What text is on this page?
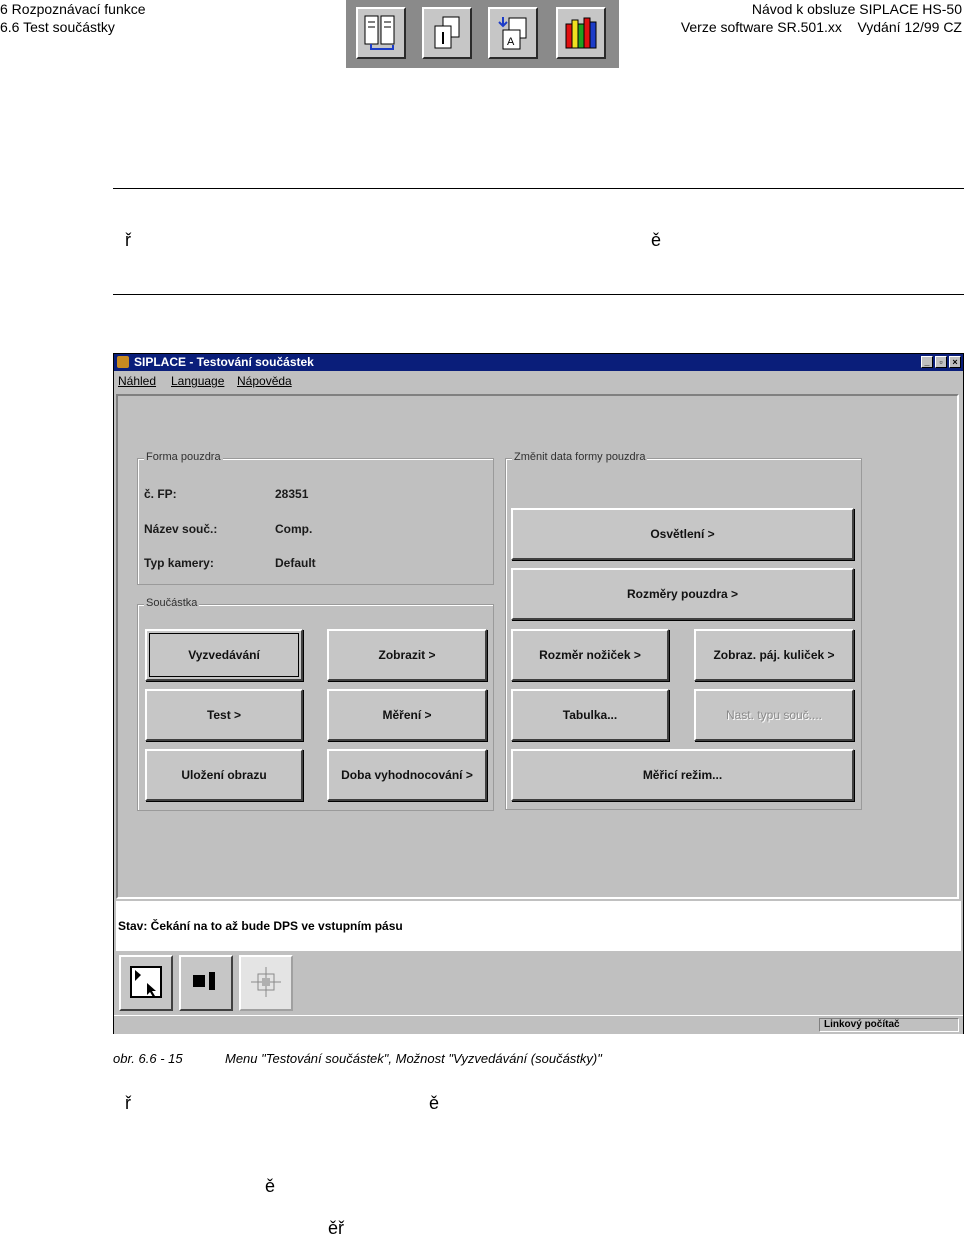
6 Rozpoznávací funkce
6.6 Test součástky
Návod k obsluze SIPLACE HS-50
Verze software SR.501.xx    Vydání 12/99 CZ
A
ř	ě
SIPLACE - Testování součástek	_	▫	×
Náhled Language Nápověda
Forma pouzdra
č. FP:	28351
Název souč.:	Comp.
Typ kamery:	Default
Součástka
Vyzvedávání	Zobrazit >
Test >	Měření >
Uložení obrazu	Doba vyhodnocování >
Změnit data formy pouzdra
Osvětlení >
Rozměry pouzdra >
Rozměr nožiček >	Zobraz. páj. kuliček >
Tabulka...	Nast. typu souč....
Měřicí režim...
Stav: Čekání na to až bude DPS ve vstupním pásu
Linkový počítač
obr. 6.6 - 15	Menu "Testování součástek", Možnost "Vyzvedávání (součástky)"
ř	ě
ě
ěř
